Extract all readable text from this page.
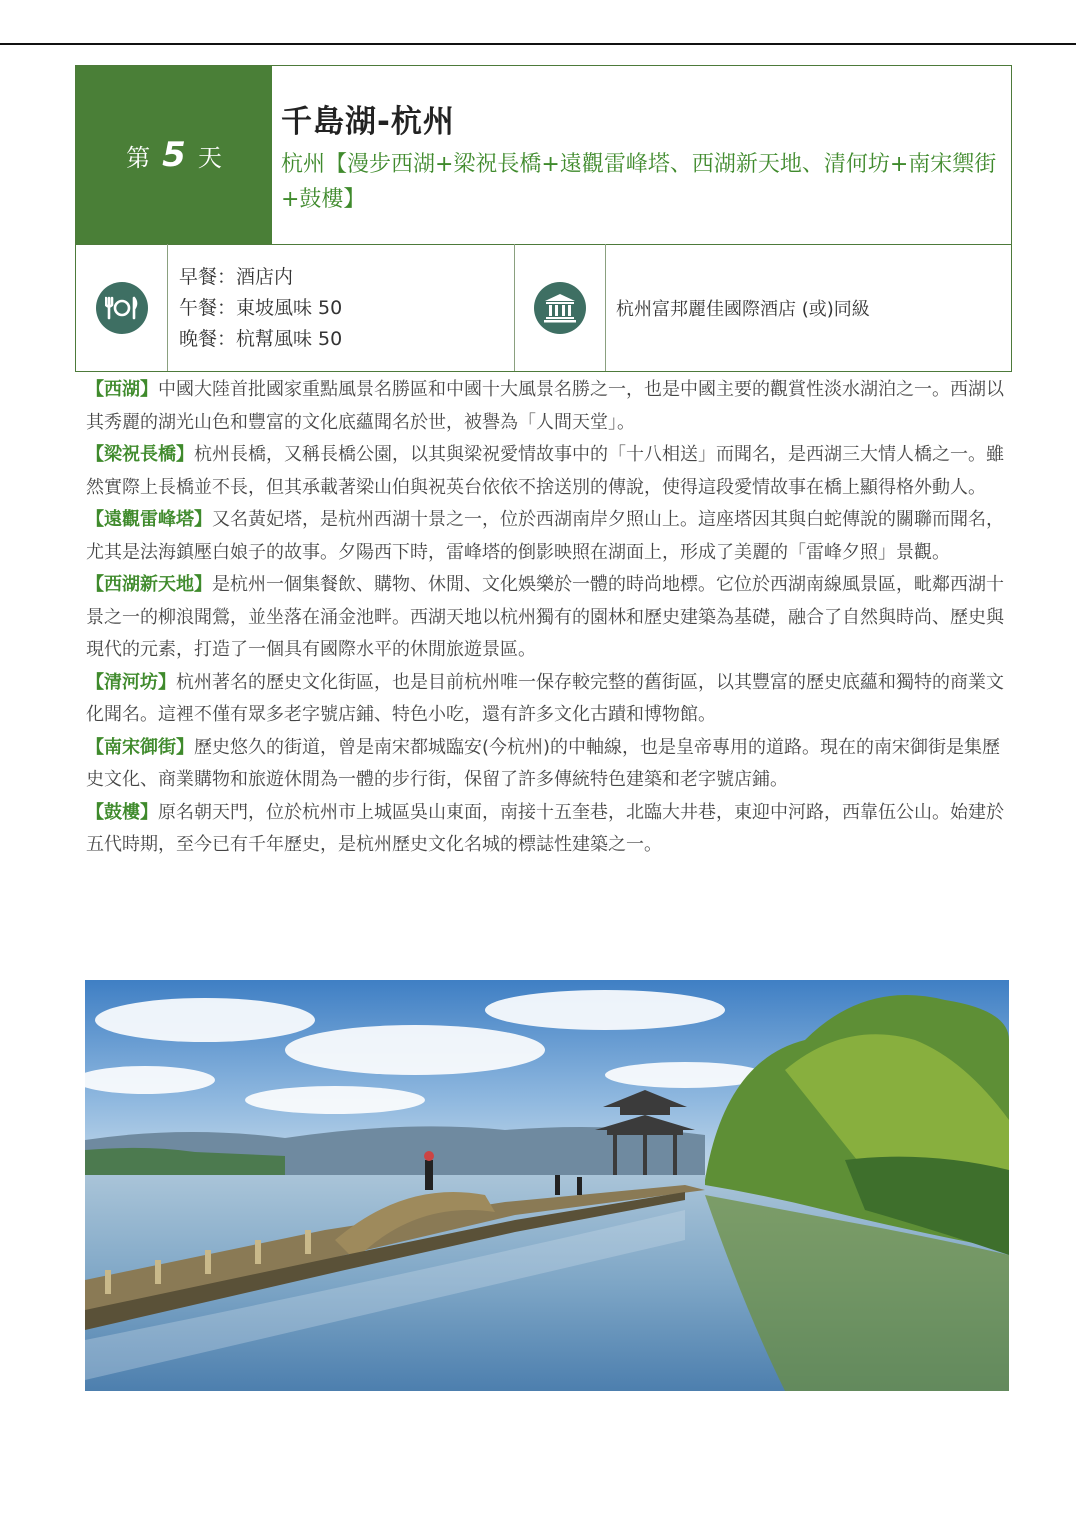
第 5 天
千島湖-杭州
杭州【漫步西湖+梁祝長橋+遠觀雷峰塔、西湖新天地、清何坊+南宋禦街+鼓樓】
早餐：酒店内
午餐：東坡風味 50
晚餐：杭幫風味 50
杭州富邦麗佳國際酒店 (或)同級

【西湖】中國大陸首批國家重點風景名勝區和中國十大風景名勝之一，也是中國主要的觀賞性淡水湖泊之一。西湖以其秀麗的湖光山色和豐富的文化底蘊聞名於世，被譽為「人間天堂」。

【梁祝長橋】杭州長橋，又稱長橋公園，以其與梁祝愛情故事中的「十八相送」而聞名，是西湖三大情人橋之一。雖然實際上長橋並不長，但其承載著梁山伯與祝英台依依不捨送別的傳說，使得這段愛情故事在橋上顯得格外動人。

【遠觀雷峰塔】又名黃妃塔，是杭州西湖十景之一，位於西湖南岸夕照山上。這座塔因其與白蛇傳說的關聯而聞名，尤其是法海鎮壓白娘子的故事。夕陽西下時，雷峰塔的倒影映照在湖面上，形成了美麗的「雷峰夕照」景觀。

【西湖新天地】是杭州一個集餐飲、購物、休閒、文化娛樂於一體的時尚地標。它位於西湖南線風景區，毗鄰西湖十景之一的柳浪聞鶯，並坐落在涌金池畔。西湖天地以杭州獨有的園林和歷史建築為基礎，融合了自然與時尚、歷史與現代的元素，打造了一個具有國際水平的休閒旅遊景區。

【清河坊】杭州著名的歷史文化街區，也是目前杭州唯一保存較完整的舊街區，以其豐富的歷史底蘊和獨特的商業文化聞名。這裡不僅有眾多老字號店鋪、特色小吃，還有許多文化古蹟和博物館。

【南宋御街】歷史悠久的街道，曾是南宋都城臨安(今杭州)的中軸線，也是皇帝專用的道路。現在的南宋御街是集歷史文化、商業購物和旅遊休閒為一體的步行街，保留了許多傳統特色建築和老字號店鋪。

【鼓樓】原名朝天門，位於杭州市上城區吳山東面，南接十五奎巷，北臨大井巷，東迎中河路，西靠伍公山。始建於五代時期，至今已有千年歷史，是杭州歷史文化名城的標誌性建築之一。
